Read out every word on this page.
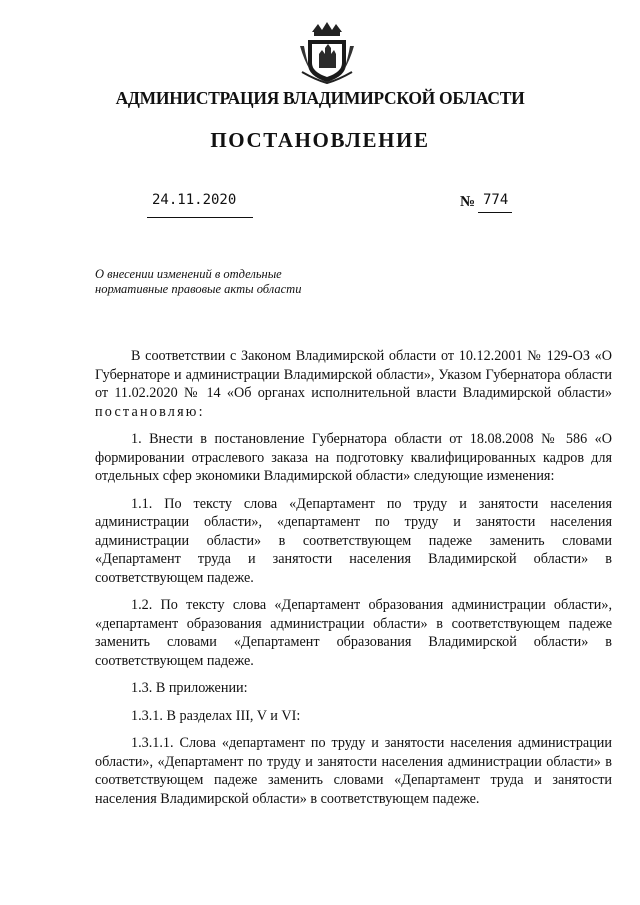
АДМИНИСТРАЦИЯ ВЛАДИМИРСКОЙ ОБЛАСТИ
ПОСТАНОВЛЕНИЕ
24.11.2020	№ 774
О внесении изменений в отдельные
нормативные правовые акты области

В соответствии с Законом Владимирской области от 10.12.2001 № 129-ОЗ «О Губернаторе и администрации Владимирской области», Указом Губернатора области от 11.02.2020 № 14 «Об органах исполнительной власти Владимирской области» постановляю:

1. Внести в постановление Губернатора области от 18.08.2008 № 586 «О формировании отраслевого заказа на подготовку квалифицированных кадров для отдельных сфер экономики Владимирской области» следующие изменения:

1.1. По тексту слова «Департамент по труду и занятости населения администрации области», «департамент по труду и занятости населения администрации области» в соответствующем падеже заменить словами «Департамент труда и занятости населения Владимирской области» в соответствующем падеже.

1.2. По тексту слова «Департамент образования администрации области», «департамент образования администрации области» в соответствующем падеже заменить словами «Департамент образования Владимирской области» в соответствующем падеже.

1.3. В приложении:

1.3.1. В разделах III, V и VI:

1.3.1.1. Слова «департамент по труду и занятости населения администрации области», «Департамент по труду и занятости населения администрации области» в соответствующем падеже заменить словами «Департамент труда и занятости населения Владимирской области» в соответствующем падеже.
